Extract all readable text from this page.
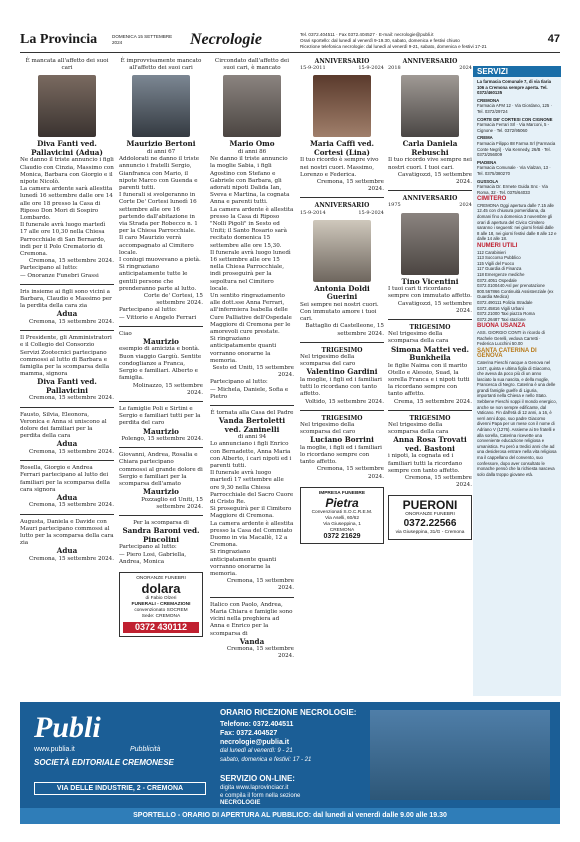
La Provincia	DOMENICA 15 SETTEMBRE 2024	Necrologie	Tel. 0372.404511 · Fax 0372.404527 · E-mail: necrologie@publi.it
Orari sportello: dal lunedì al venerdì 9-19.30, sabato, domenica e festivi chiuso
Ricezione telefonica necrologie: dal lunedì al venerdì 9-21, sabato, domenica e festivi 17-21
47
È mancata all'affetto dei suoi cari
Diva Fanti ved. Pallavicini (Adua)
Ne danno il triste annuncio i figli Claudio con Cinzia, Massimo con Monica, Barbara con Giorgio e il nipote Nicolò.
La camera ardente sarà allestita lunedì 16 settembre dalle ore 14 alle ore 18 presso la Casa di Riposo Don Mori di Sospiro Lombardo.
Il funerale avrà luogo martedì 17 alle ore 10,30 nella Chiesa Parrocchiale di San Bernardo, indi per il Polo Crematorio di Cremona.
Cremona, 15 settembre 2024.
Partecipano al lutto:
— Onoranze Funebri Grassi
Iris insieme ai figli sono vicini a Barbara, Claudio e Massimo per la perdita della cara zia
Adua
Cremona, 15 settembre 2024.
Il Presidente, gli Amministratori e il Collegio del Consorzio Servizi Zootecnici partecipano commossi al lutto di Barbara e famiglia per la scomparsa della mamma, signora
Diva Fanti ved. Pallavicini
Cremona, 15 settembre 2024.
Fausto, Silvia, Eleonora, Veronica e Anna si uniscono al dolore dei familiari per la perdita della cara
Adua
Cremona, 15 settembre 2024.
Rosella, Giorgio e Andrea Ferrari partecipano al lutto dei familiari per la scomparsa della cara signora
Adua
Cremona, 15 settembre 2024.
Augusta, Daniela e Davide con Mauri partecipano commossi al lutto per la scomparsa della cara zia
Adua
Cremona, 15 settembre 2024.
È improvvisamente mancato all'affetto dei suoi cari
Maurizio Bertoni
di anni 67
Addolorati ne danno il triste annuncio i fratelli Sergio, Gianfranca con Mario, il nipote Marco con Guenda e parenti tutti.
I funerali si svolgeranno in Corte De' Cortesi lunedì 16 settembre alle ore 16 partendo dall'abitazione in via Strada per Robecco n. 1 per la Chiesa Parrocchiale.
Il caro Maurizio verrà accompagnato al Cimitero locale.
I coniugi muovevano a pietà.
Si ringraziano anticipatamente tutte le gentili persone che prenderanno parte al lutto.
Corte de' Cortesi, 15 settembre 2024.
Partecipano al lutto:
— Vittorio e Angelo Ferrari
Ciao
Maurizio
esempio di amicizia e bontà. Buon viaggio Gargiù. Sentite condoglianze a Franca, Sergio e familiari. Alberto e famiglia.
Molinazzo, 15 settembre 2024.
Le famiglie Poli e Sirtini e Sergio e familiari tutti per la perdita del caro
Maurizio
Polengo, 15 settembre 2024.
Giovanni, Andrea, Rosalia e Chiara partecipano commossi al grande dolore di Sergio e familiari per la scomparsa dell'amato
Maurizio
Pozzaglio ed Uniti, 15 settembre 2024.
Per la scomparsa di
Sandra Baroni ved. Pincolini
Partecipano al lutto:
— Piero Losi, Gabriella, Andrea, Monica
ONORANZE FUNEBRI
dolara
di Fabio Olzeri
FUNERALI - CREMAZIONI
convenzionato SOCREM
Sede: CREMONA
0372 430112
Circondato dall'affetto dei suoi cari, è mancato
Mario Omo
di anni 86
Ne danno il triste annuncio la moglie Sabia, i figli Agostino con Stefano e Gabriele con Barbara, gli adorati nipoti Dalida Ian, Sveva e Martina, la cognata Anna e parenti tutti.
La camera ardente è allestita presso la Casa di Riposo "Nolli Pigoli" in Sesto ed Uniti; il Santo Rosario sarà recitato domenica 15 settembre alle ore 15,30.
Il funerale avrà luogo lunedì 16 settembre alle ore 15 nella Chiesa Parrocchiale, indi proseguirà per la sepoltura nel Cimitero locale.
Un sentito ringraziamento alle dott.sse Anna Ferrari, all'infermiera Isabella delle Cure Palliative dell'Ospedale Maggiore di Cremona per le amorevoli cure prestate.
Si ringraziano anticipatamente quanti vorranno onorarne la memoria.
Sesto ed Uniti, 15 settembre 2024.
Partecipano al lutto:
— Michela, Daniele, Sofia e Pietro
È tornata alla Casa del Padre
Vanda Bertoletti ved. Zaninelli
di anni 94
Lo annunciano i figli Enrico con Bernadette, Anna Maria con Alberto, i cari nipoti ed i parenti tutti.
Il funerale avrà luogo martedì 17 settembre alle ore 9,30 nella Chiesa Parrocchiale del Sacro Cuore di Cristo Re.
Si proseguirà per il Cimitero Maggiore di Cremona.
La camera ardente è allestita presso la Casa del Commiato Duomo in via Macallè, 12 a Cremona.
Si ringraziano anticipatamente quanti vorranno onorarne la memoria.
Cremona, 15 settembre 2024.
Italico con Paolo, Andrea, Maria Chiara e famiglie sono vicini nella preghiera ad Anna e Enrico per la scomparsa di
Vanda
Cremona, 15 settembre 2024.
ANNIVERSARIO
15-9-2011	15-9-2024
Maria Caffi ved. Cortesi (Lina)
Il tuo ricordo è sempre vivo nei nostri cuori. Massimo, Lorenzo e Federica.
Cremona, 15 settembre 2024.
ANNIVERSARIO
15-9-2014	15-9-2024
Antonia Doldi Guerini
Sei sempre nei nostri cuori. Con immutato amore i tuoi cari.
Battaglio di Castelleone, 15 settembre 2024.
TRIGESIMO
Nel trigesimo della scomparsa del caro
Valentino Gardini
la moglie, i figli ed i familiari tutti lo ricordano con tanto affetto.
Voltido, 15 settembre 2024.
TRIGESIMO
Nel trigesimo della scomparsa del caro
Luciano Borrini
la moglie, i figli ed i familiari lo ricordano sempre con tanto affetto.
Cremona, 15 settembre 2024.
IMPRESA FUNEBRE
Pietra
Convenzionati S.O.C.R.E.M.
Via Aselli, 60/62
Via Giuseppina, 1
CREMONA
0372 21629
ANNIVERSARIO
2018	2024
Carla Daniela Rebuschi
Il tuo ricordo vive sempre nei nostri cuori. I tuoi cari.
Cavatigozzi, 15 settembre 2024.
ANNIVERSARIO
1975	2024
Tino Vicentini
I tuoi cari ti ricordano sempre con immutato affetto.
Cavatigozzi, 15 settembre 2024.
TRIGESIMO
Nel trigesimo della scomparsa della cara
Simona Mattei ved. Bunkheila
le figlie Naima con il marito Otello e Alessio, Suad, la sorella Franca e i nipoti tutti la ricordano sempre con tanto affetto.
Crema, 15 settembre 2024.
TRIGESIMO
Nel trigesimo della scomparsa della cara
Anna Rosa Trovati ved. Bastoni
i nipoti, la cognata ed i familiari tutti la ricordano sempre con tanto affetto.
Cremona, 15 settembre 2024.
PUERONI
ONORANZE FUNEBRI
0372.22566
via Giuseppina, 31/G - Cremona
SERVIZI
La farmacia Comunale 7, di via Ilaria 106 a Cremona sempre aperta. Tel. 0372/460135
CREMONA
Farmacia AFM 12 · Via Giordano, 125 · Tel. 0372/29724
CORTE DE' CORTESI CON CIGNONE
Farmacia Ferrari Srl · Via Marconi, 5 - Cignone · Tel. 0372/95060
CREMA
Farmacia Filippo 88 Farma Srl (Farmacia Conte Negri) · Via Kennedy, 26/B · Tel. 0373/256009
PIADENA
Farmacia Comunale · Via Vialzan, 13 · Tel. 0375/380270
GUSSOLA
Farmacia Dr. Ermete Guida Snc · Via Roma, 32 · Tel. 0375/64033
CIMITERO
CREMONA Oggi apertura dalle 7.15 alle 12.45 con chiusura pomeridiana, da domani fino a domenica 3 novembre gli orari di apertura del Civico Cimitero saranno i seguenti: nei giorni feriali dalle 8 alle 18, nei giorni festivi dalle 8 alle 12 e dalle 14 alle 18.
NUMERI UTILI
112 Carabinieri
113 Soccorso Pubblico
115 Vigili del Fuoco
117 Guardia di Finanza
118 Emergenze mediche
0372.4051 Ospedale
0372.0100440 Asl per prenotazione
800.567866 Continuità Assistenziale (ex Guardia Medica)
0372.490111 Polizia Stradale
0372.45816 Vigili Urbani
0372.21000 Taxi piazza Roma
0372.26487 Taxi stazione
BUONA USANZA
ASS. GIORGIO CONTI in ricordo di Rachele Gerelli, vedova Carretti · Federica Lucchini 50.00
SANTA CATERINA DI GENOVA
Caterina Fieschi nacque a Genova nel 1447, quinta e ultima figlia di Giacomo, che aveva da poco più di un anno lasciato la sua nascita, e della moglie, Francesca di Negro. Caterina è una delle grandi famiglie guelfe di Liguria, importanti nella Chiesa e nello Stato. Sebbene Fieschi soppi il mondo energico, anche se non sempre edificante, dal Vaticano. Fin dall'età di 12 anni, a 16, è verri anni dopo, suo padre Giacomo divenni Papa per un mese con il nome di Adriano V (1276). Assieme ai tre fratelli e alla sorella, Caterina ricevette una conveniente educazione religiosa e umanistica. Fu però a tredici anni che ad una desiderosa entrare nella vita religiosa ma il cappellano del convento, suo confessore, dopo aver consultato le monache pensò che la richiesta nasceva solo dalla troppo giovane età.
Publi
www.publia.it	Pubblicità
SOCIETÀ EDITORIALE CREMONESE
VIA DELLE INDUSTRIE, 2 - CREMONA
ORARIO RICEZIONE NECROLOGIE:
Telefono: 0372.404511
Fax: 0372.404527
necrologie@publia.it
dal lunedì al venerdì: 9 - 21
sabato, domenica e festivi: 17 - 21
SERVIZIO ON-LINE:
digita www.laprovinciacr.it
e compila il form nella sezione
NECROLOGIE
SPORTELLO - ORARIO DI APERTURA AL PUBBLICO: dal lunedì al venerdì dalle 9.00 alle 19.30
